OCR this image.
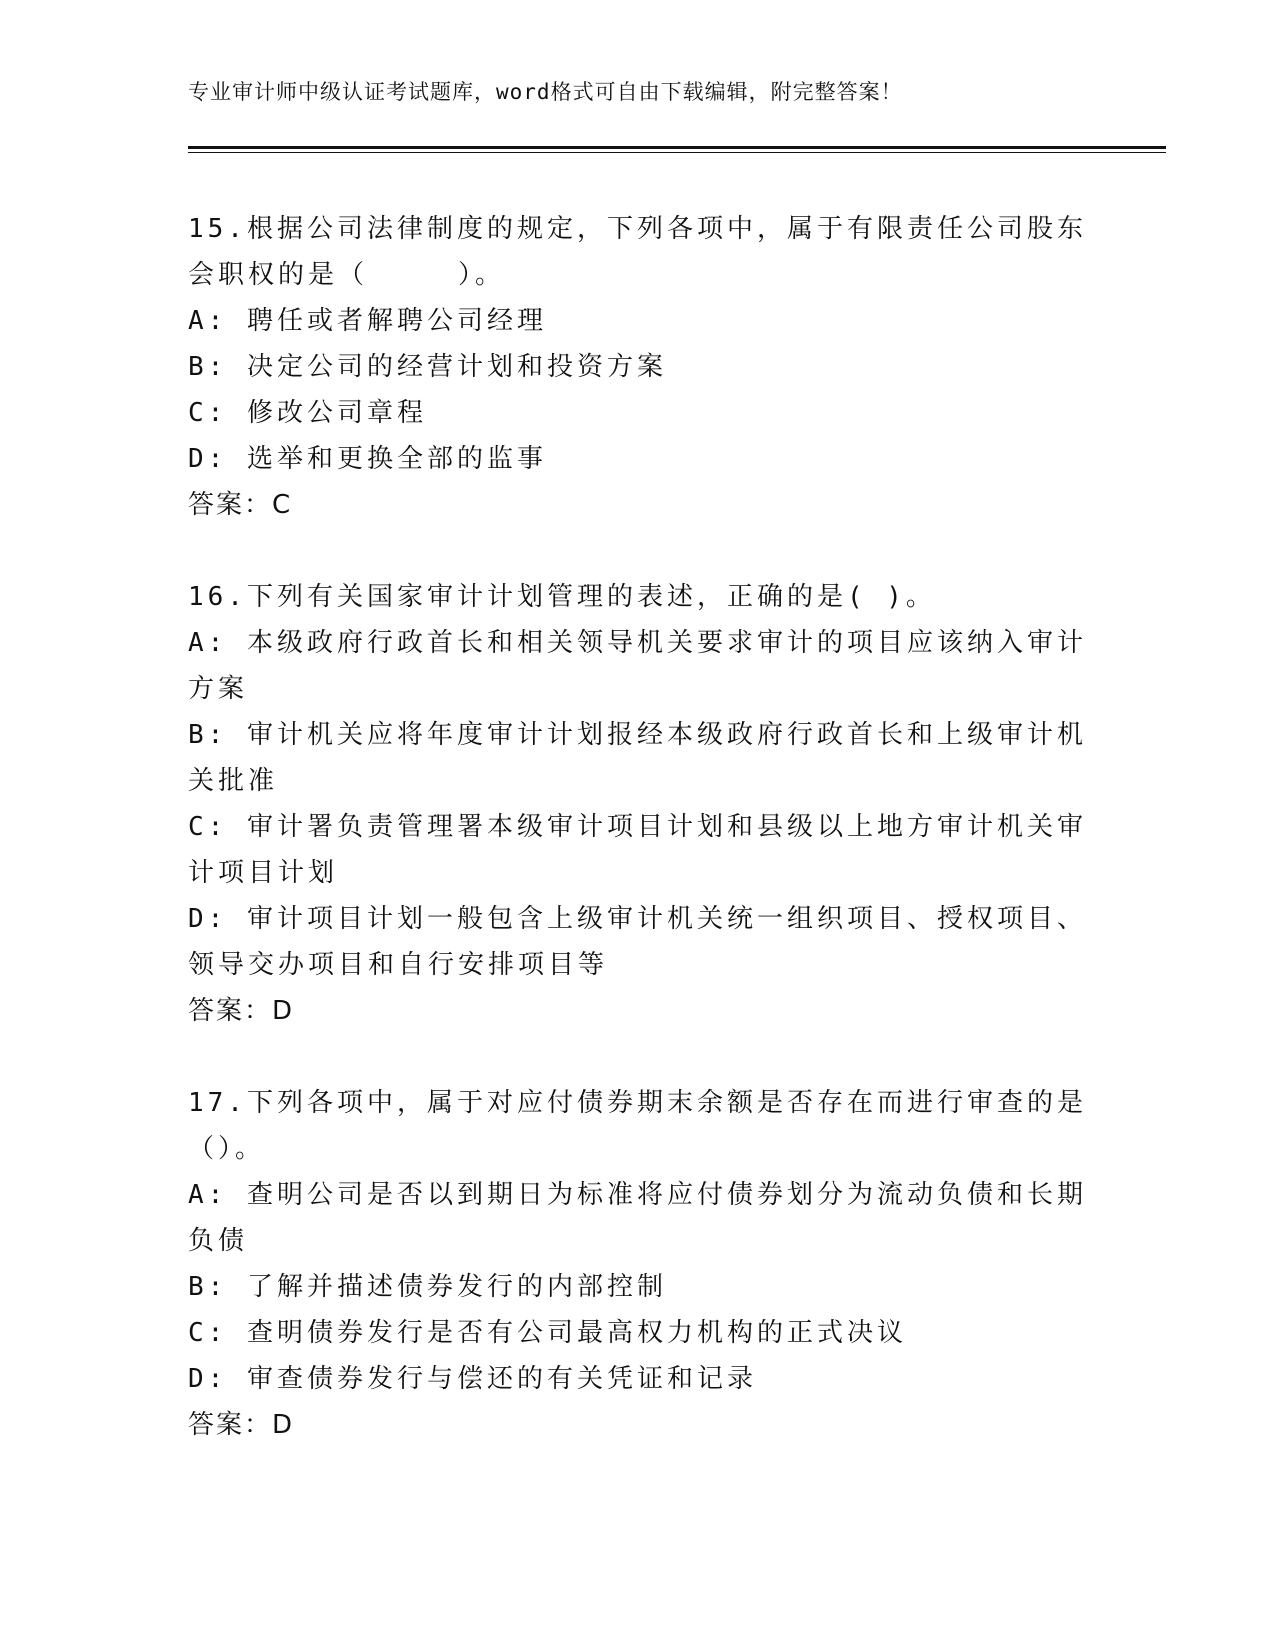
专业审计师中级认证考试题库，word格式可自由下载编辑，附完整答案！

15.根据公司法律制度的规定，下列各项中，属于有限责任公司股东会职权的是（　　　）。

A: 聘任或者解聘公司经理

B: 决定公司的经营计划和投资方案

C: 修改公司章程

D: 选举和更换全部的监事

答案：C

16.下列有关国家审计计划管理的表述，正确的是( )。

A: 本级政府行政首长和相关领导机关要求审计的项目应该纳入审计方案

B: 审计机关应将年度审计计划报经本级政府行政首长和上级审计机关批准

C: 审计署负责管理署本级审计项目计划和县级以上地方审计机关审计项目计划

D: 审计项目计划一般包含上级审计机关统一组织项目、授权项目、领导交办项目和自行安排项目等

答案：D

17.下列各项中，属于对应付债券期末余额是否存在而进行审查的是（）。

A: 查明公司是否以到期日为标准将应付债券划分为流动负债和长期负债

B: 了解并描述债券发行的内部控制

C: 查明债券发行是否有公司最高权力机构的正式决议

D: 审查债券发行与偿还的有关凭证和记录

答案：D
